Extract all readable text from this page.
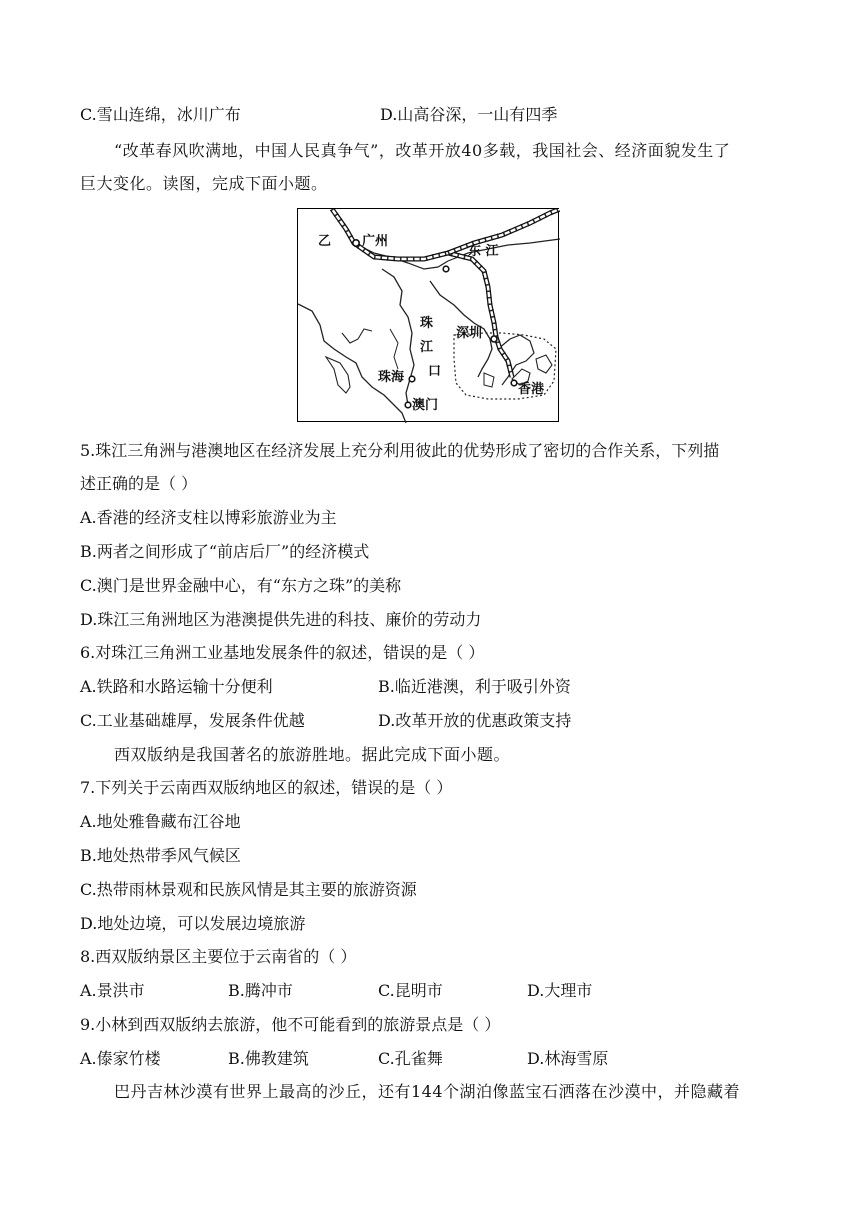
C.雪山连绵，冰川广布	D.山高谷深，一山有四季
“改革春风吹满地，中国人民真争气”，改革开放40多载，我国社会、经济面貌发生了
巨大变化。读图，完成下面小题。
乙 广州
东 江
珠
江
口
深圳
珠海
澳门
香港
5.珠江三角洲与港澳地区在经济发展上充分利用彼此的优势形成了密切的合作关系，下列描
述正确的是（ ）
A.香港的经济支柱以博彩旅游业为主
B.两者之间形成了“前店后厂”的经济模式
C.澳门是世界金融中心，有“东方之珠”的美称
D.珠江三角洲地区为港澳提供先进的科技、廉价的劳动力
6.对珠江三角洲工业基地发展条件的叙述，错误的是（ ）
A.铁路和水路运输十分便利	B.临近港澳，利于吸引外资
C.工业基础雄厚，发展条件优越	D.改革开放的优惠政策支持
西双版纳是我国著名的旅游胜地。据此完成下面小题。
7.下列关于云南西双版纳地区的叙述，错误的是（ ）
A.地处雅鲁藏布江谷地
B.地处热带季风气候区
C.热带雨林景观和民族风情是其主要的旅游资源
D.地处边境，可以发展边境旅游
8.西双版纳景区主要位于云南省的（ ）
A.景洪市	B.腾冲市	C.昆明市	D.大理市
9.小林到西双版纳去旅游，他不可能看到的旅游景点是（ ）
A.傣家竹楼	B.佛教建筑	C.孔雀舞	D.林海雪原
巴丹吉林沙漠有世界上最高的沙丘，还有144个湖泊像蓝宝石洒落在沙漠中，并隐藏着
